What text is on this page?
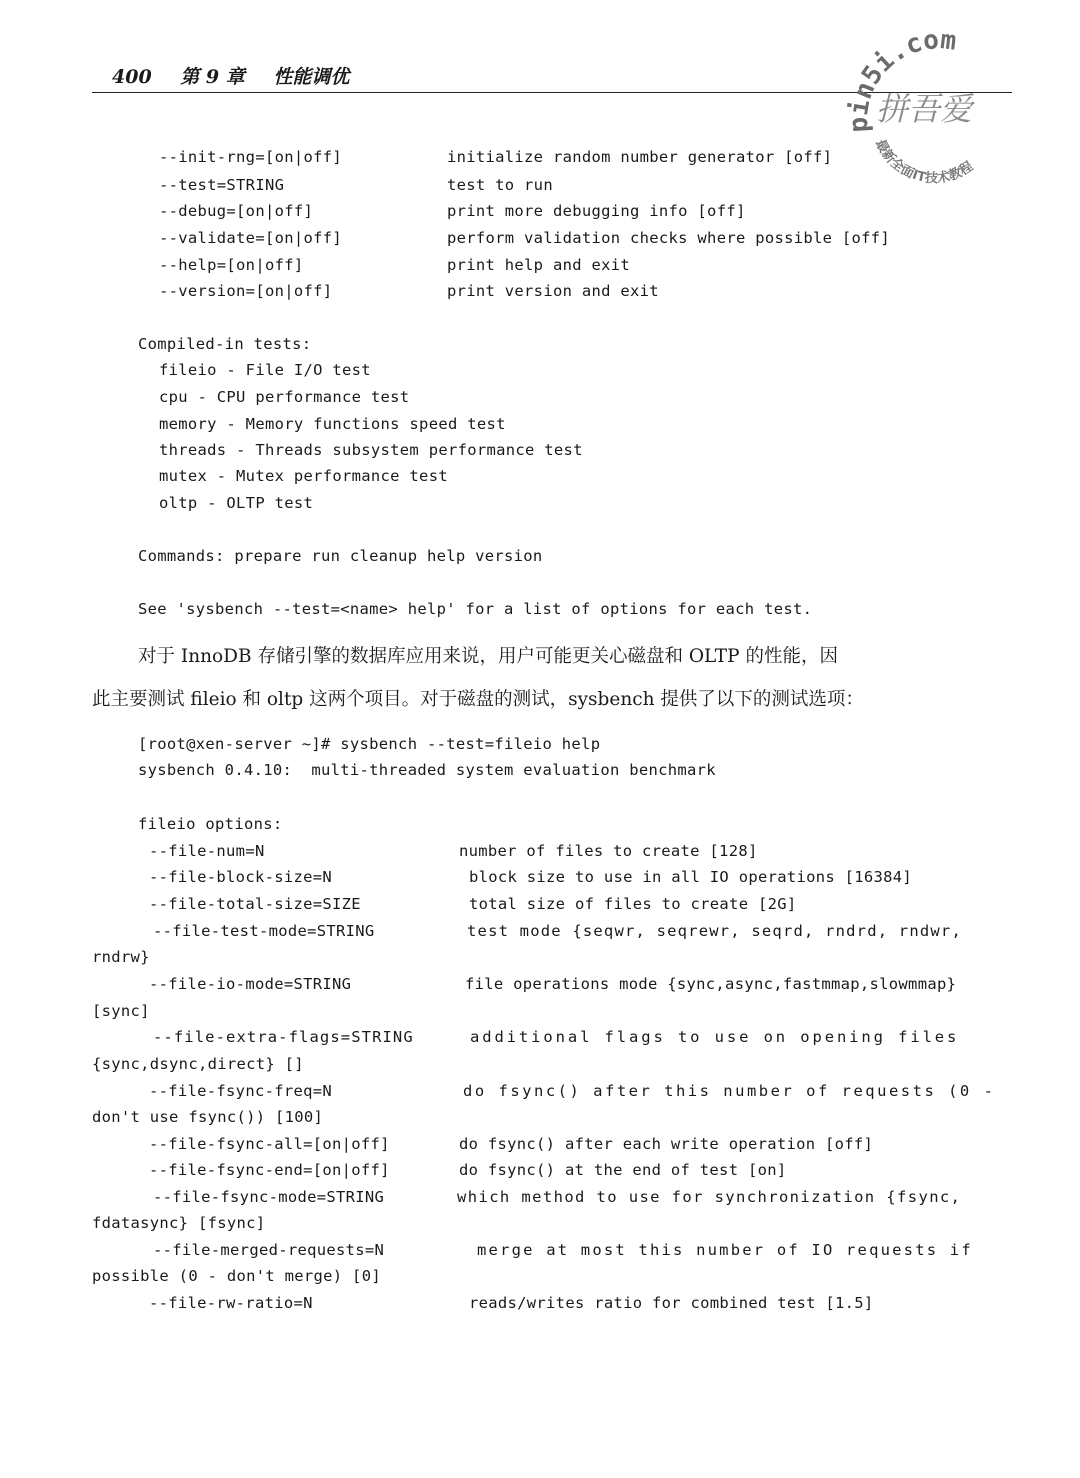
400 第 9 章 性能调优
pin5i.com
拼吾爱
最新全面IT技术教程
--init-rng=[on|off]	initialize random number generator [off]
--test=STRING	test to run
--debug=[on|off]	print more debugging info [off]
--validate=[on|off]	perform validation checks where possible [off]
--help=[on|off]	print help and exit
--version=[on|off]	print version and exit
Compiled-in tests:
fileio - File I/O test
cpu - CPU performance test
memory - Memory functions speed test
threads - Threads subsystem performance test
mutex - Mutex performance test
oltp - OLTP test
Commands: prepare run cleanup help version
See 'sysbench --test=<name> help' for a list of options for each test.
对于 InnoDB 存储引擎的数据库应用来说，用户可能更关心磁盘和 OLTP 的性能，因
此主要测试 fileio 和 oltp 这两个项目。对于磁盘的测试，sysbench 提供了以下的测试选项：
[root@xen-server ~]# sysbench --test=fileio help
sysbench 0.4.10:  multi-threaded system evaluation benchmark
fileio options:
--file-num=N	number of files to create [128]
--file-block-size=N	block size to use in all IO operations [16384]
--file-total-size=SIZE	total size of files to create [2G]
--file-test-mode=STRING	test mode {seqwr, seqrewr, seqrd, rndrd, rndwr,
rndrw}
--file-io-mode=STRING	file operations mode {sync,async,fastmmap,slowmmap}
[sync]
--file-extra-flags=STRING	additional flags to use on opening files
{sync,dsync,direct} []
--file-fsync-freq=N	do fsync() after this number of requests (0 -
don't use fsync()) [100]
--file-fsync-all=[on|off]	do fsync() after each write operation [off]
--file-fsync-end=[on|off]	do fsync() at the end of test [on]
--file-fsync-mode=STRING	which method to use for synchronization {fsync,
fdatasync} [fsync]
--file-merged-requests=N	merge at most this number of IO requests if
possible (0 - don't merge) [0]
--file-rw-ratio=N	reads/writes ratio for combined test [1.5]
